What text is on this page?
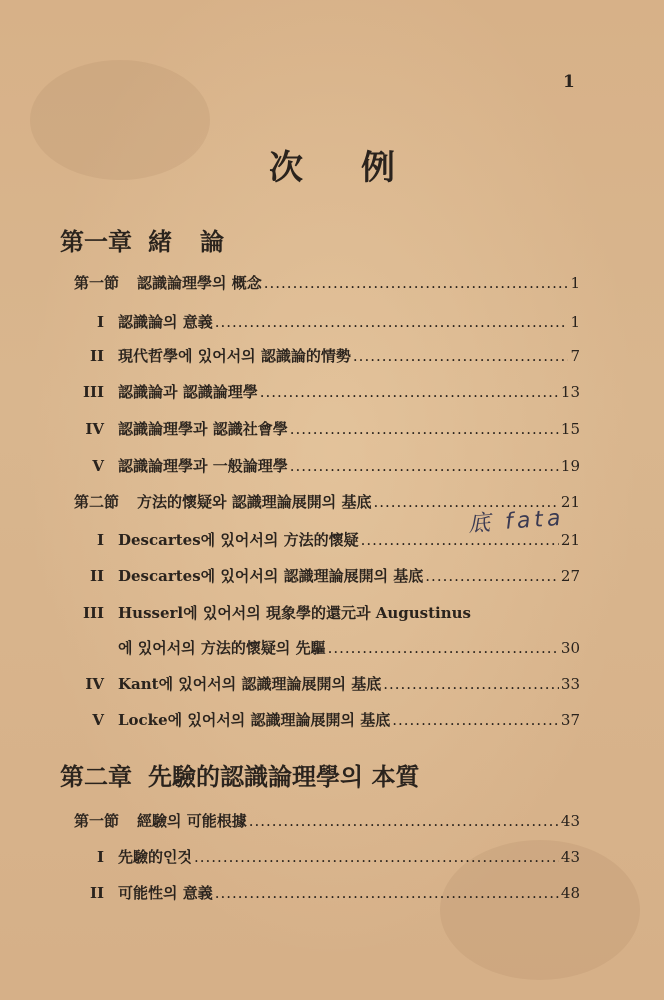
1
次例
第一章 緒論
第一節 認識論理學의 概念 .....	1
I 認識論의 意義 .....	1
II 現代哲學에 있어서의 認識論的情勢 .....	7
III 認識論과 認識論理學 .....	13
IV 認識論理學과 認識社會學 .....	15
V 認識論理學과 一般論理學 .....	19
第二節 方法的懷疑와 認識理論展開의 基底 .....	21
I Descartes에 있어서의 方法的懷疑 .....	21
II Descartes에 있어서의 認識理論展開의 基底 .....	27
III Husserl에 있어서의 現象學的還元과 Augustinus
에 있어서의 方法的懷疑의 先驅 .....	30
IV Kant에 있어서의 認識理論展開의 基底 .....	33
V Locke에 있어서의 認識理論展開의 基底 .....	37
第二章 先驗的認識論理學의 本質
第一節 經驗의 可能根據 .....	43
I 先驗的인것 .....	43
II 可能性의 意義 .....	48
底 fata
